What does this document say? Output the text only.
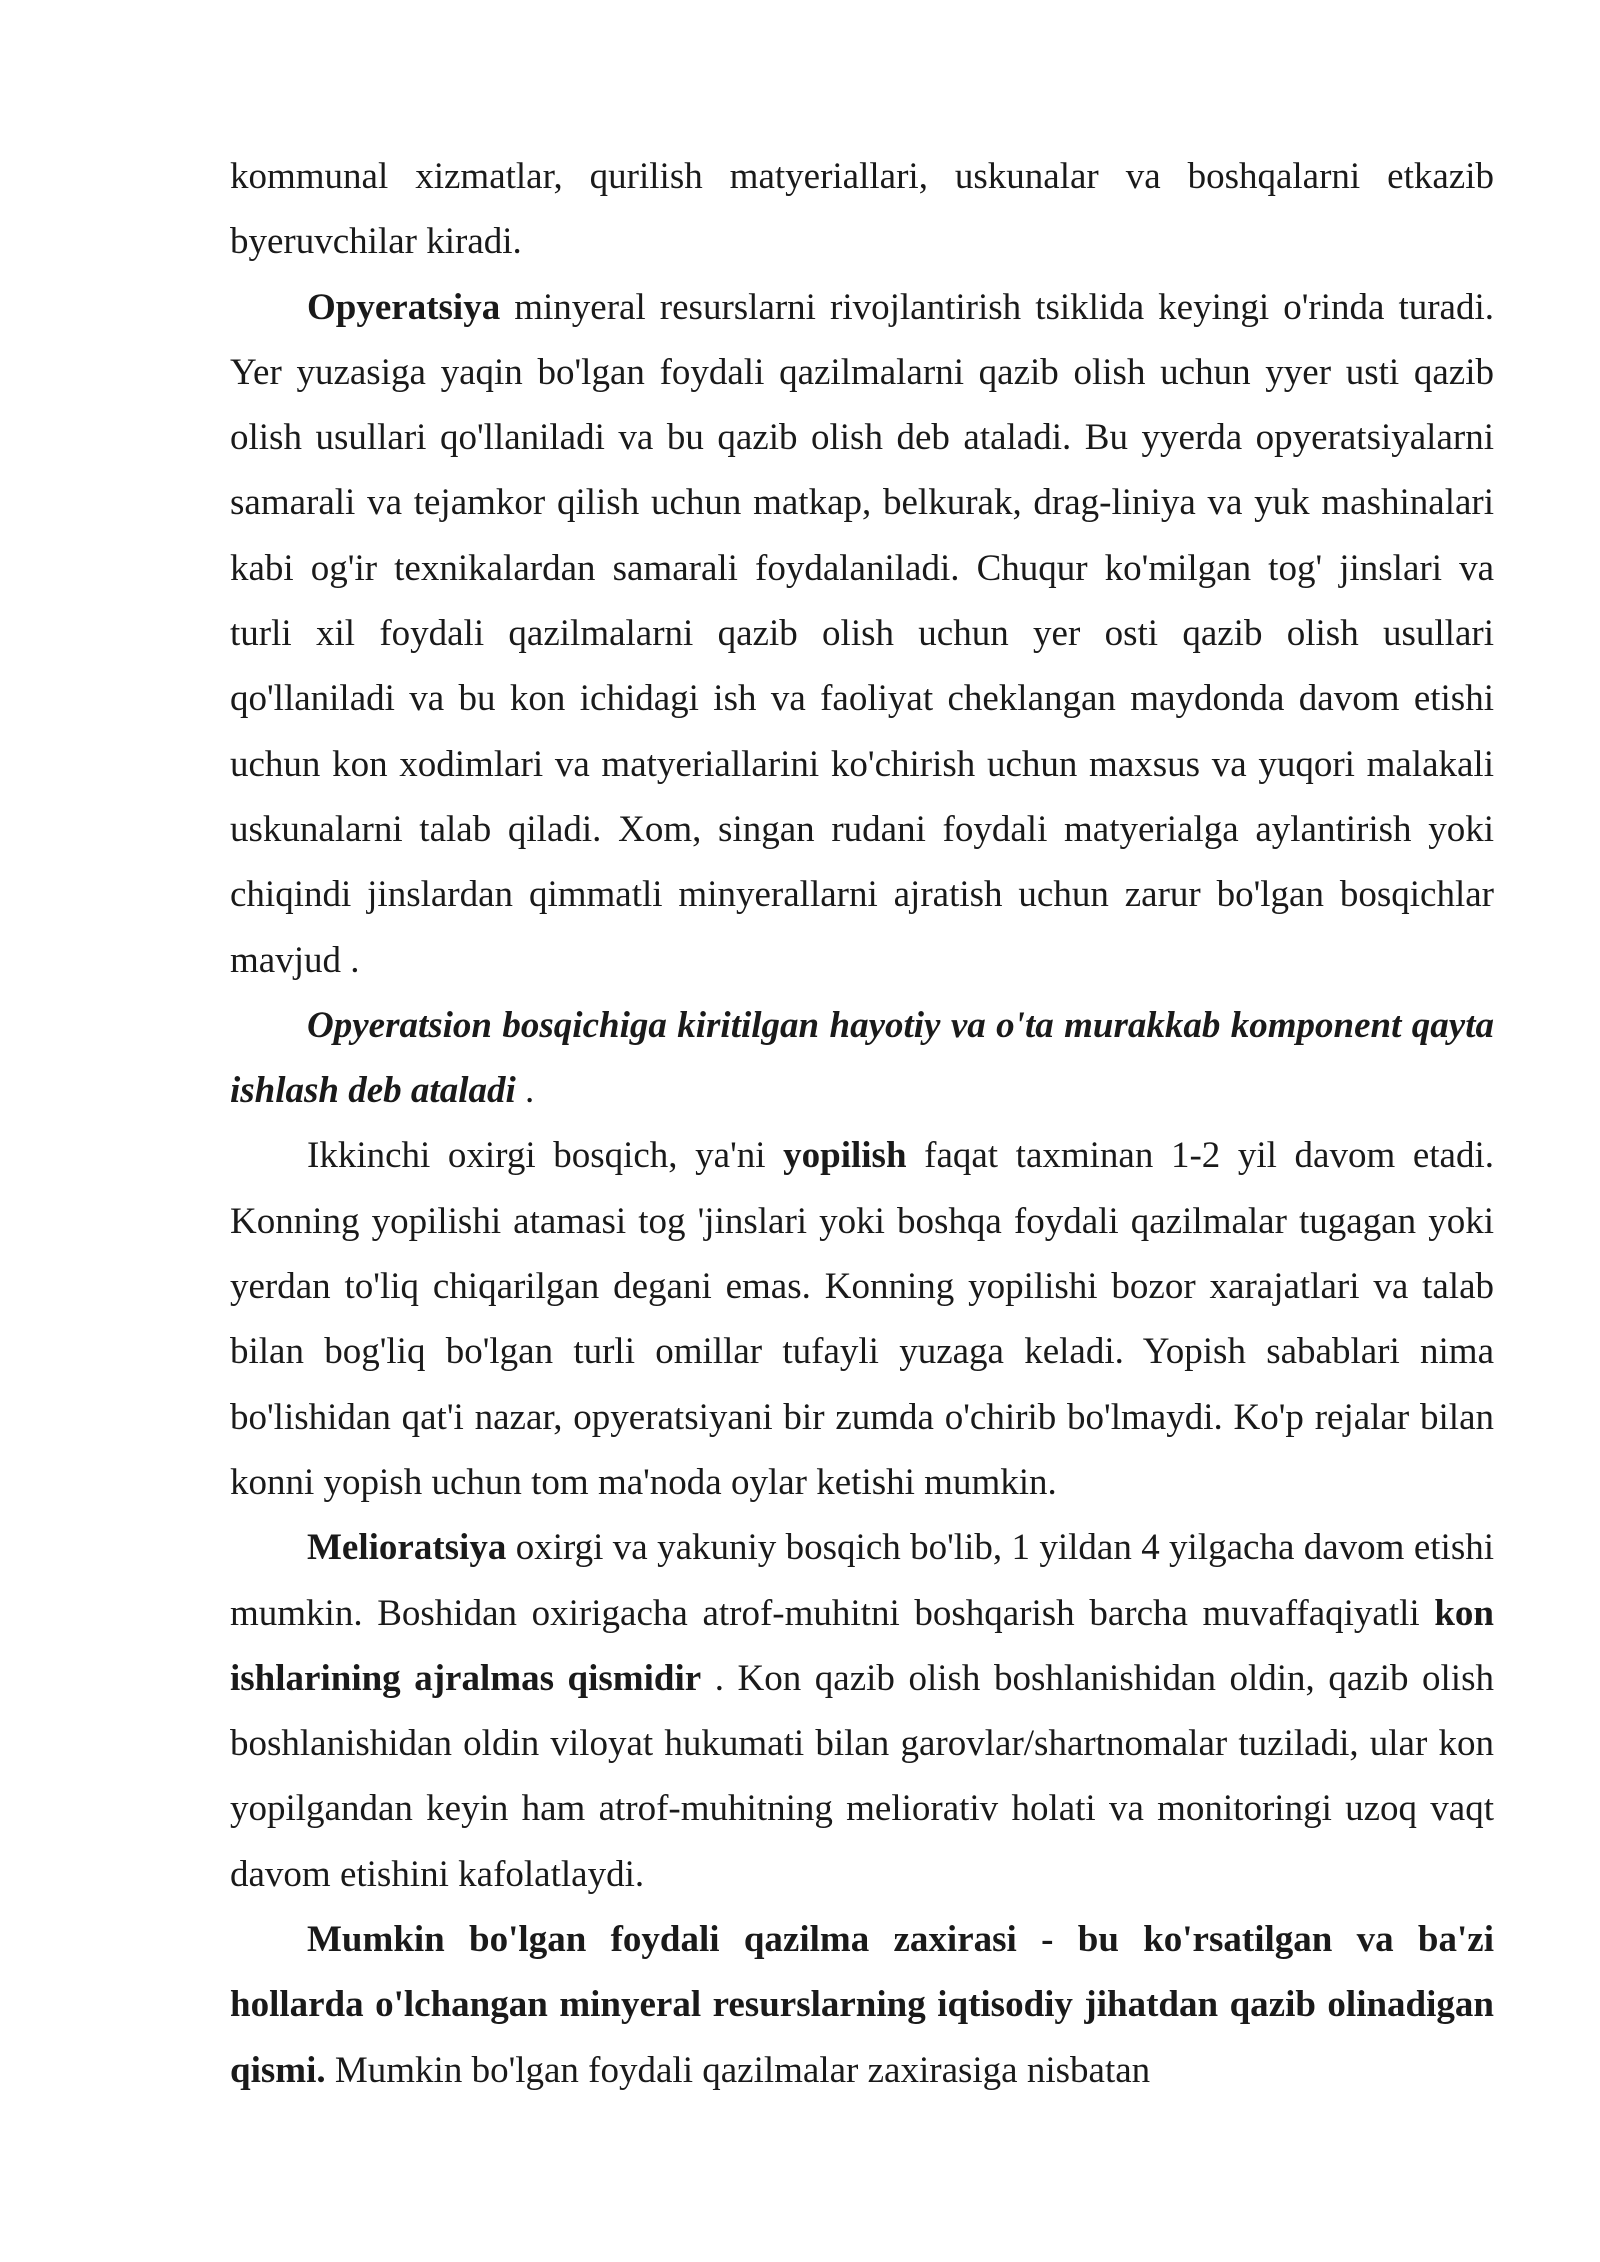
kommunal xizmatlar, qurilish matyeriallari, uskunalar va boshqalarni etkazib byeruvchilar kiradi.

Opyeratsiya minyeral resurslarni rivojlantirish tsiklida keyingi o'rinda turadi. Yer yuzasiga yaqin bo'lgan foydali qazilmalarni qazib olish uchun yyer usti qazib olish usullari qo'llaniladi va bu qazib olish deb ataladi. Bu yyerda opyeratsiyalarni samarali va tejamkor qilish uchun matkap, belkurak, drag-liniya va yuk mashinalari kabi og'ir texnikalardan samarali foydalaniladi. Chuqur ko'milgan tog' jinslari va turli xil foydali qazilmalarni qazib olish uchun yer osti qazib olish usullari qo'llaniladi va bu kon ichidagi ish va faoliyat cheklangan maydonda davom etishi uchun kon xodimlari va matyeriallarini ko'chirish uchun maxsus va yuqori malakali uskunalarni talab qiladi. Xom, singan rudani foydali matyerialga aylantirish yoki chiqindi jinslardan qimmatli minyerallarni ajratish uchun zarur bo'lgan bosqichlar mavjud .

Opyeratsion bosqichiga kiritilgan hayotiy va o'ta murakkab komponent qayta ishlash deb ataladi .

Ikkinchi oxirgi bosqich, ya'ni yopilish faqat taxminan 1-2 yil davom etadi. Konning yopilishi atamasi tog 'jinslari yoki boshqa foydali qazilmalar tugagan yoki yerdan to'liq chiqarilgan degani emas. Konning yopilishi bozor xarajatlari va talab bilan bog'liq bo'lgan turli omillar tufayli yuzaga keladi. Yopish sabablari nima bo'lishidan qat'i nazar, opyeratsiyani bir zumda o'chirib bo'lmaydi. Ko'p rejalar bilan konni yopish uchun tom ma'noda oylar ketishi mumkin.

Melioratsiya oxirgi va yakuniy bosqich bo'lib, 1 yildan 4 yilgacha davom etishi mumkin. Boshidan oxirigacha atrof-muhitni boshqarish barcha muvaffaqiyatli kon ishlarining ajralmas qismidir . Kon qazib olish boshlanishidan oldin, qazib olish boshlanishidan oldin viloyat hukumati bilan garovlar/shartnomalar tuziladi, ular kon yopilgandan keyin ham atrof-muhitning meliorativ holati va monitoringi uzoq vaqt davom etishini kafolatlaydi.

Mumkin bo'lgan foydali qazilma zaxirasi - bu ko'rsatilgan va ba'zi hollarda o'lchangan minyeral resurslarning iqtisodiy jihatdan qazib olinadigan qismi. Mumkin bo'lgan foydali qazilmalar zaxirasiga nisbatan
